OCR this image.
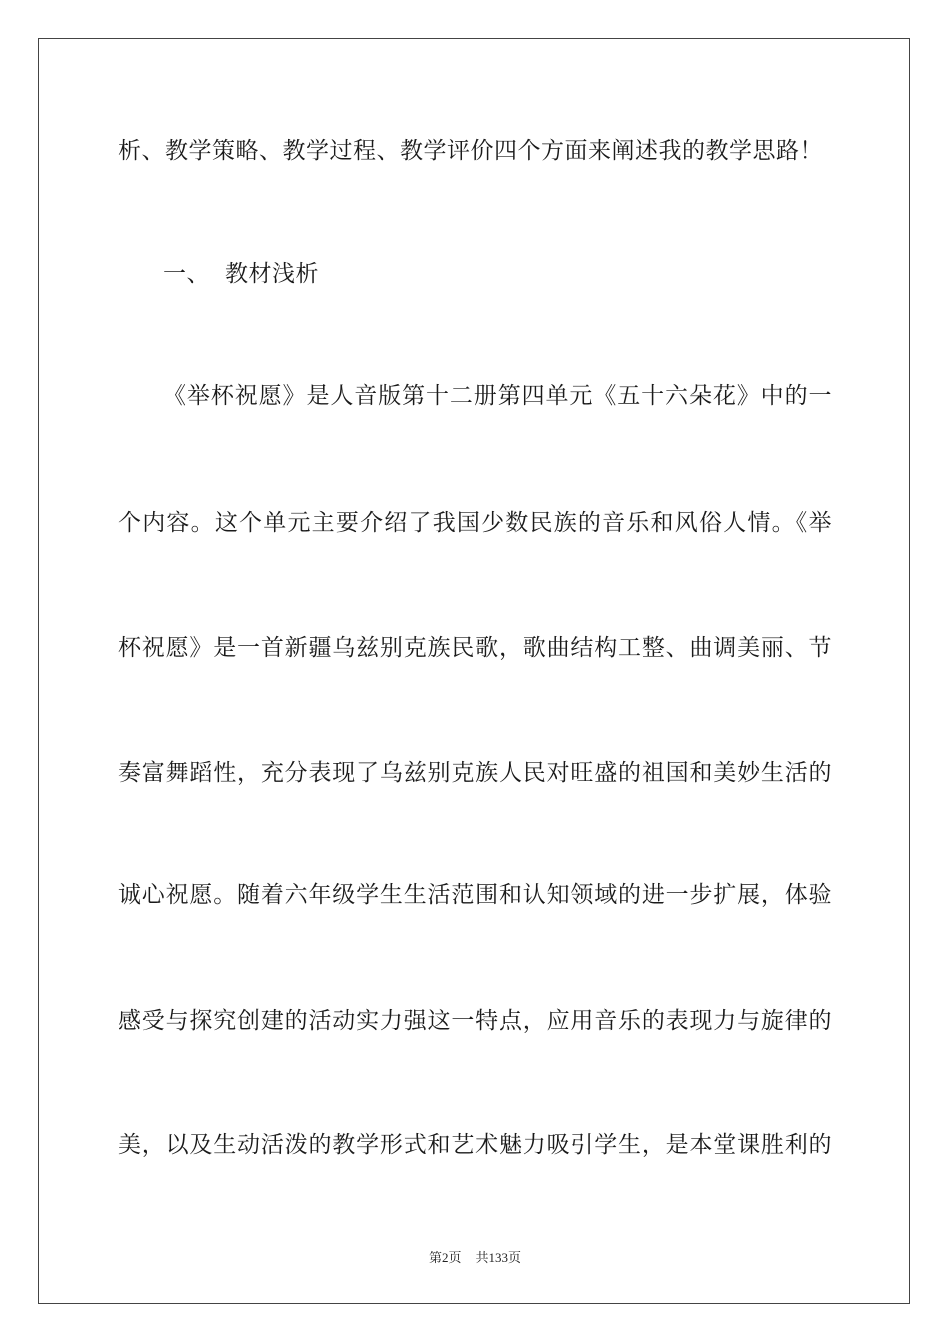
析、教学策略、教学过程、教学评价四个方面来阐述我的教学思路！
一、 教材浅析
《举杯祝愿》是人音版第十二册第四单元《五十六朵花》中的一
个内容。这个单元主要介绍了我国少数民族的音乐和风俗人情。《举
杯祝愿》是一首新疆乌兹别克族民歌，歌曲结构工整、曲调美丽、节
奏富舞蹈性，充分表现了乌兹别克族人民对旺盛的祖国和美妙生活的
诚心祝愿。随着六年级学生生活范围和认知领域的进一步扩展，体验
感受与探究创建的活动实力强这一特点，应用音乐的表现力与旋律的
美，以及生动活泼的教学形式和艺术魅力吸引学生，是本堂课胜利的
第2页 共133页
